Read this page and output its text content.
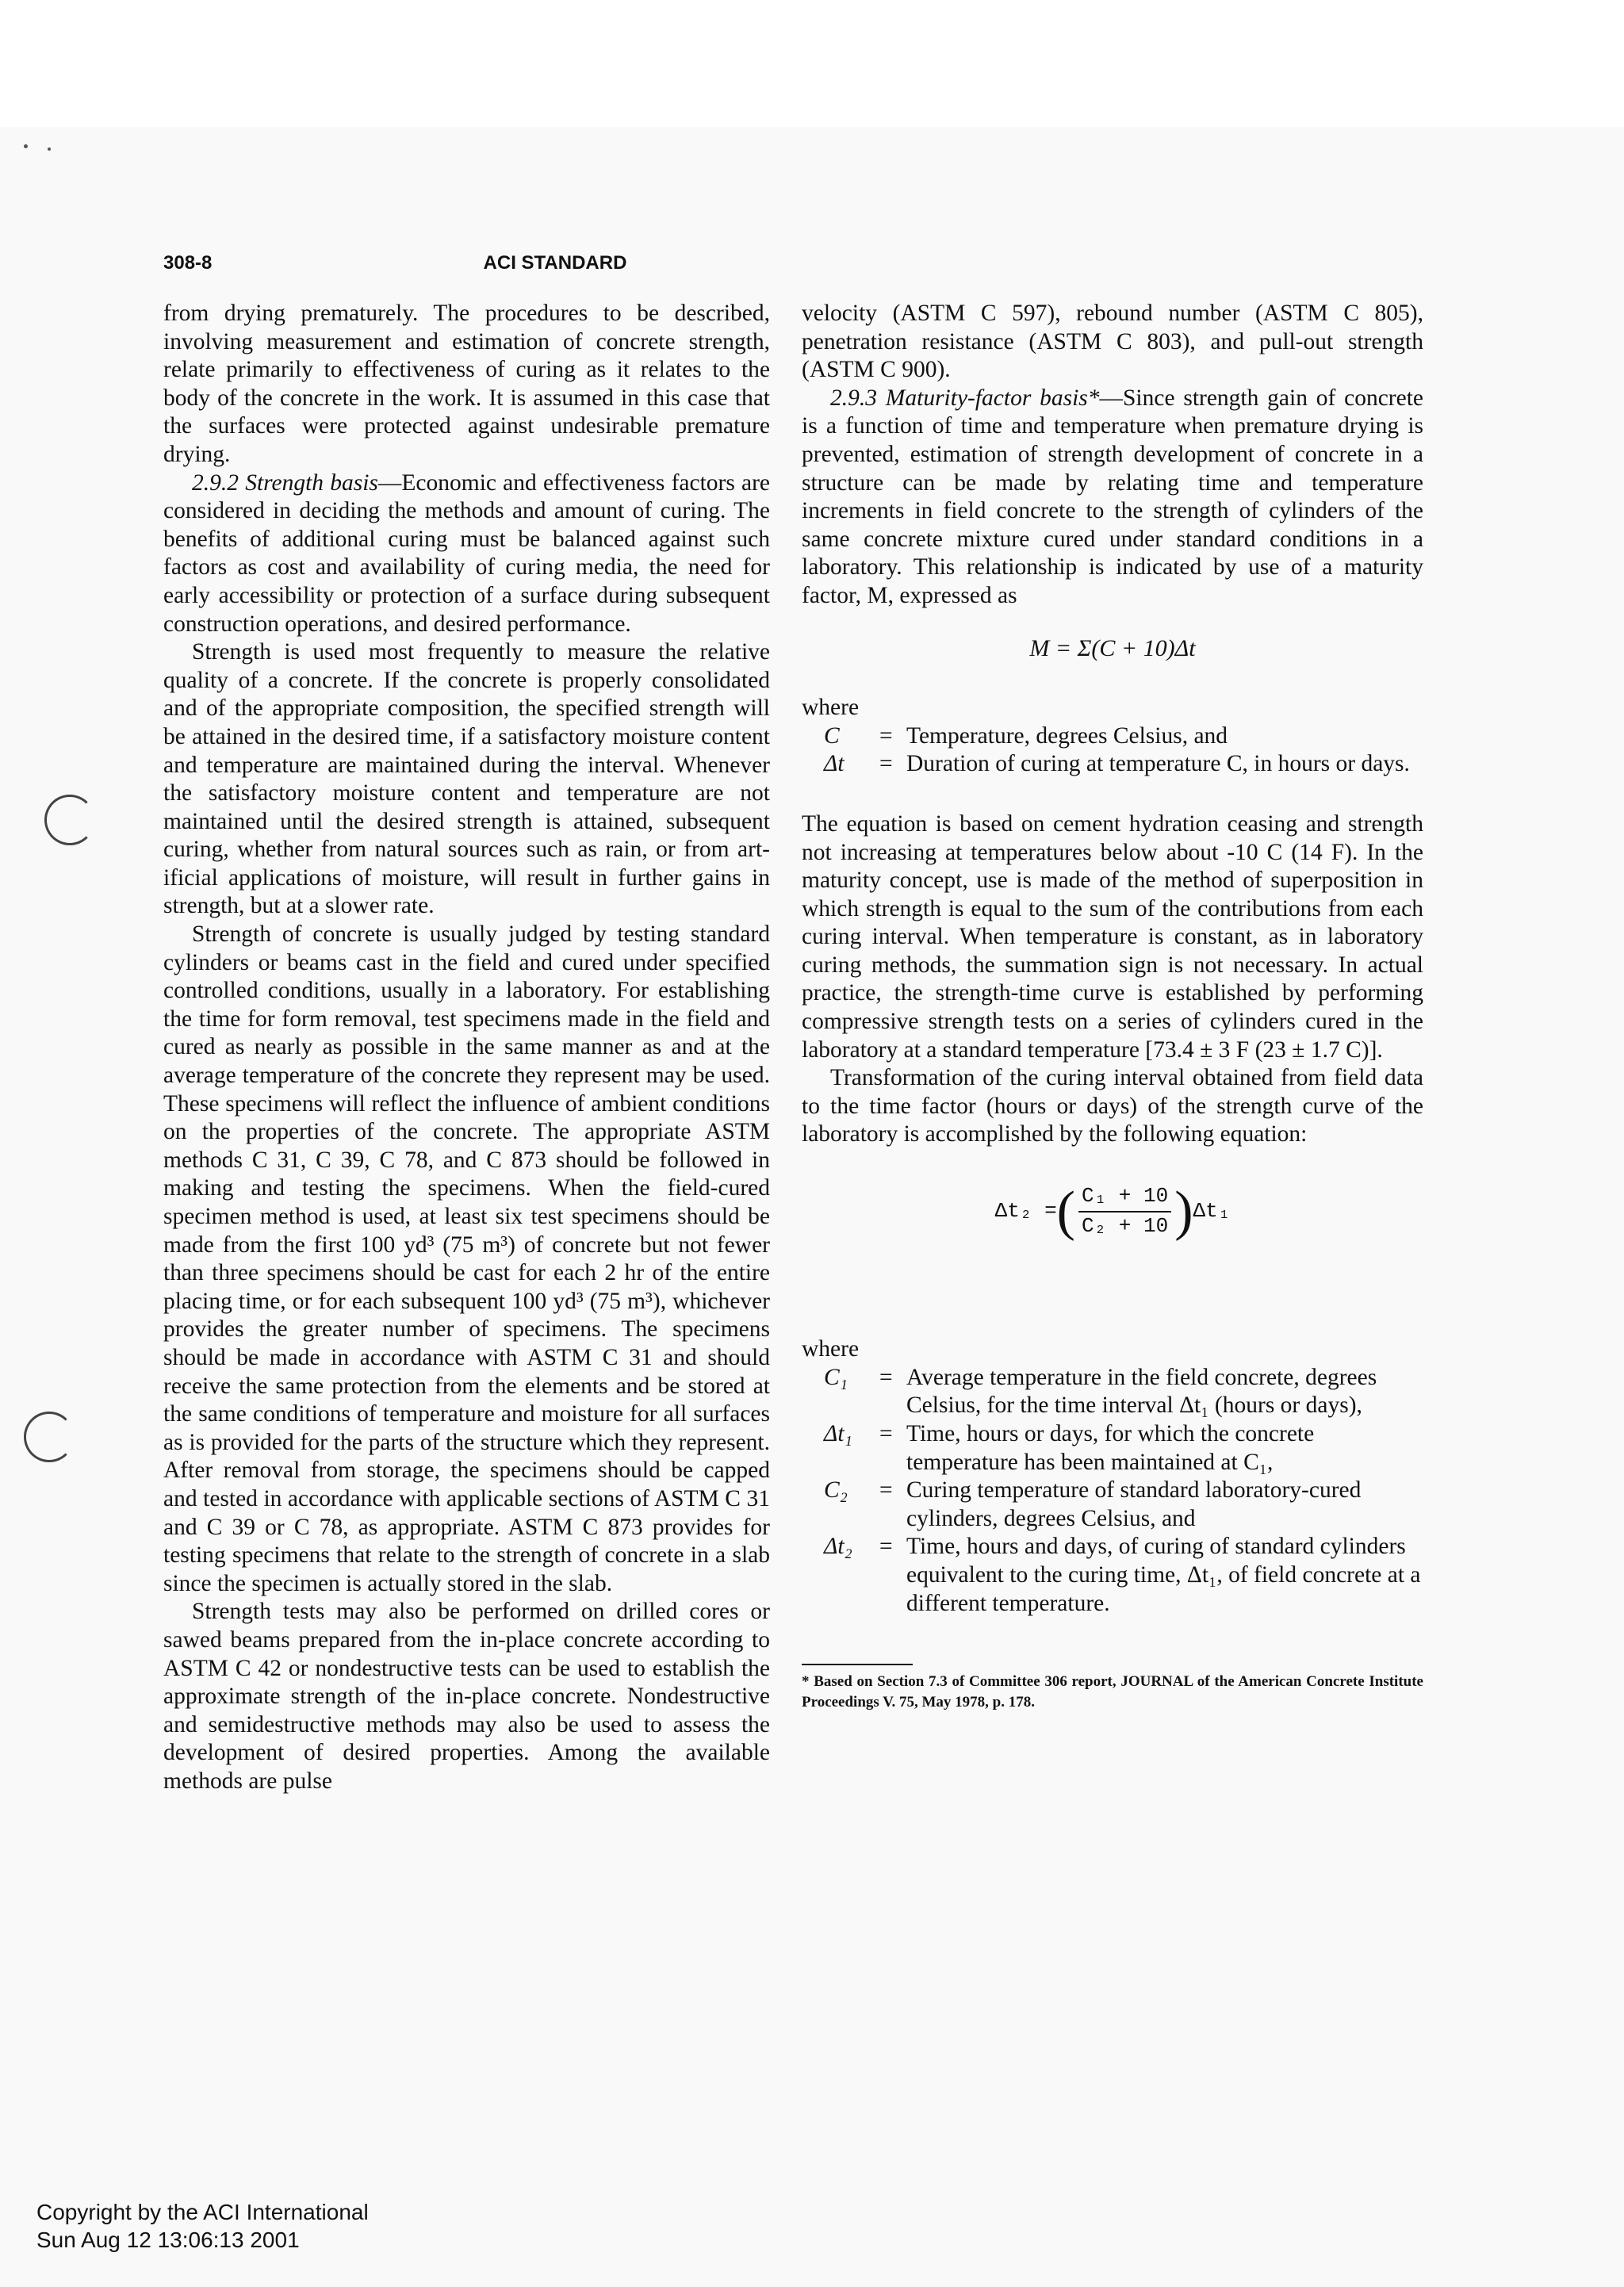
308-8	ACI STANDARD

from drying prematurely. The procedures to be described, involving measurement and estimation of concrete strength, relate primarily to effectiveness of curing as it relates to the body of the concrete in the work. It is assumed in this case that the surfaces were protected against undesirable premature drying.

2.9.2 Strength basis—Economic and effectiveness factors are considered in deciding the methods and amount of curing. The benefits of additional curing must be balanced against such factors as cost and availability of curing media, the need for early accessibility or protection of a surface during subsequent construction operations, and desired performance.

Strength is used most frequently to measure the relative quality of a concrete. If the concrete is properly consolidated and of the appropriate composition, the specified strength will be attained in the desired time, if a satisfactory moisture content and temperature are maintained during the interval. Whenever the satisfactory moisture content and temperature are not maintained until the desired strength is attained, subsequent curing, whether from natural sources such as rain, or from artificial applications of moisture, will result in further gains in strength, but at a slower rate.

Strength of concrete is usually judged by testing standard cylinders or beams cast in the field and cured under specified controlled conditions, usually in a laboratory. For establishing the time for form removal, test specimens made in the field and cured as nearly as possible in the same manner as and at the average temperature of the concrete they represent may be used. These specimens will reflect the influence of ambient conditions on the properties of the concrete. The appropriate ASTM methods C 31, C 39, C 78, and C 873 should be followed in making and testing the specimens. When the field-cured specimen method is used, at least six test specimens should be made from the first 100 yd³ (75 m³) of concrete but not fewer than three specimens should be cast for each 2 hr of the entire placing time, or for each subsequent 100 yd³ (75 m³), whichever provides the greater number of specimens. The specimens should be made in accordance with ASTM C 31 and should receive the same protection from the elements and be stored at the same conditions of temperature and moisture for all surfaces as is provided for the parts of the structure which they represent. After removal from storage, the specimens should be capped and tested in accordance with applicable sections of ASTM C 31 and C 39 or C 78, as appropriate. ASTM C 873 provides for testing specimens that relate to the strength of concrete in a slab since the specimen is actually stored in the slab.

Strength tests may also be performed on drilled cores or sawed beams prepared from the in-place concrete according to ASTM C 42 or nondestructive tests can be used to establish the approximate strength of the in-place concrete. Nondestructive and semidestructive methods may also be used to assess the development of desired properties. Among the available methods are pulse

velocity (ASTM C 597), rebound number (ASTM C 805), penetration resistance (ASTM C 803), and pull-out strength (ASTM C 900).

2.9.3 Maturity-factor basis*—Since strength gain of concrete is a function of time and temperature when premature drying is prevented, estimation of strength development of concrete in a structure can be made by relating time and temperature increments in field concrete to the strength of cylinders of the same concrete mixture cured under standard conditions in a laboratory. This relationship is indicated by use of a maturity factor, M, expressed as

M = Σ(C + 10)Δt

where

C	=	Temperature, degrees Celsius, and
Δt	=	Duration of curing at temperature C, in hours or days.

The equation is based on cement hydration ceasing and strength not increasing at temperatures below about -10 C (14 F). In the maturity concept, use is made of the method of superposition in which strength is equal to the sum of the contributions from each curing interval. When temperature is constant, as in laboratory curing methods, the summation sign is not necessary. In actual practice, the strength-time curve is established by performing compressive strength tests on a series of cylinders cured in the laboratory at a standard temperature [73.4 ± 3 F (23 ± 1.7 C)].

Transformation of the curing interval obtained from field data to the time factor (hours or days) of the strength curve of the laboratory is accomplished by the following equation:

Δt₂ = ( $\frac{\text{C₁ + 10}}{\text{C₂ + 10}}$ ) Δt₁

where

C₁	=	Average temperature in the field concrete, degrees Celsius, for the time interval Δt₁ (hours or days),
Δt₁	=	Time, hours or days, for which the concrete temperature has been maintained at C₁,
C₂	=	Curing temperature of standard laboratory-cured cylinders, degrees Celsius, and
Δt₂	=	Time, hours and days, of curing of standard cylinders equivalent to the curing time, Δt₁, of field concrete at a different temperature.

* Based on Section 7.3 of Committee 306 report, JOURNAL of the American Concrete Institute Proceedings V. 75, May 1978, p. 178.

Copyright by the ACI International
Sun Aug 12 13:06:13 2001
